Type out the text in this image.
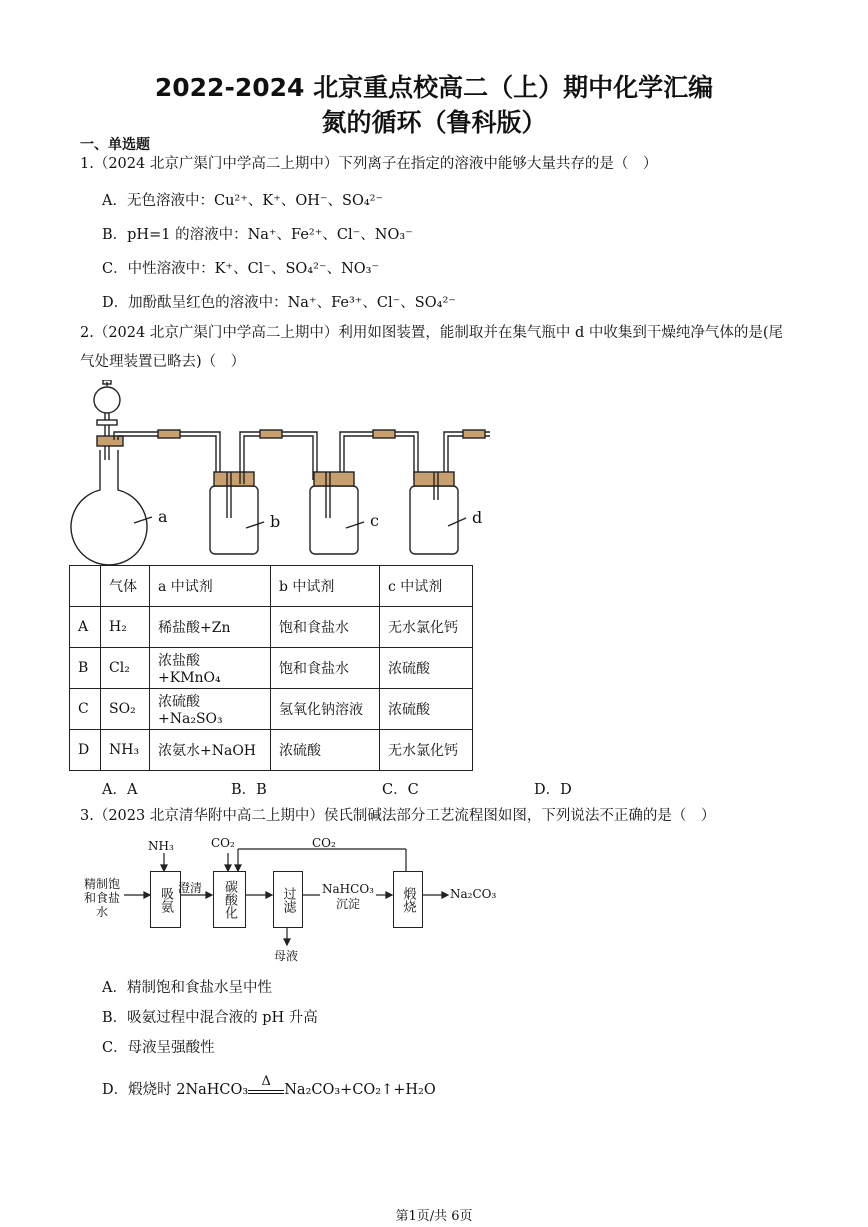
2022-2024 北京重点校高二（上）期中化学汇编
氮的循环（鲁科版）
一、单选题
1.（2024 北京广渠门中学高二上期中）下列离子在指定的溶液中能够大量共存的是（　）
A．无色溶液中：Cu²⁺、K⁺、OH⁻、SO₄²⁻
B．pH=1 的溶液中：Na⁺、Fe²⁺、Cl⁻、NO₃⁻
C．中性溶液中：K⁺、Cl⁻、SO₄²⁻、NO₃⁻
D．加酚酞呈红色的溶液中：Na⁺、Fe³⁺、Cl⁻、SO₄²⁻
2.（2024 北京广渠门中学高二上期中）利用如图装置，能制取并在集气瓶中 d 中收集到干燥纯净气体的是(尾
气处理装置已略去)（　）
a	b	c	d
	气体	a 中试剂	b 中试剂	c 中试剂
A	H₂	稀盐酸+Zn	饱和食盐水	无水氯化钙
B	Cl₂	浓盐酸+KMnO₄	饱和食盐水	浓硫酸
C	SO₂	浓硫酸+Na₂SO₃	氢氧化钠溶液	浓硫酸
D	NH₃	浓氨水+NaOH	浓硫酸	无水氯化钙
A．A	B．B	C．C	D．D
3.（2023 北京清华附中高二上期中）侯氏制碱法部分工艺流程图如图，下列说法不正确的是（　）
精制饱和食盐水
NH₃	CO₂	CO₂
吸氨 澄清	碳酸化	过滤	NaHCO₃沉淀	煅烧	Na₂CO₃
母液
A．精制饱和食盐水呈中性
B．吸氨过程中混合液的 pH 升高
C．母液呈强酸性
D．煅烧时 2NaHCO₃
Δ
Na₂CO₃+CO₂↑+H₂O
第1页/共 6页
